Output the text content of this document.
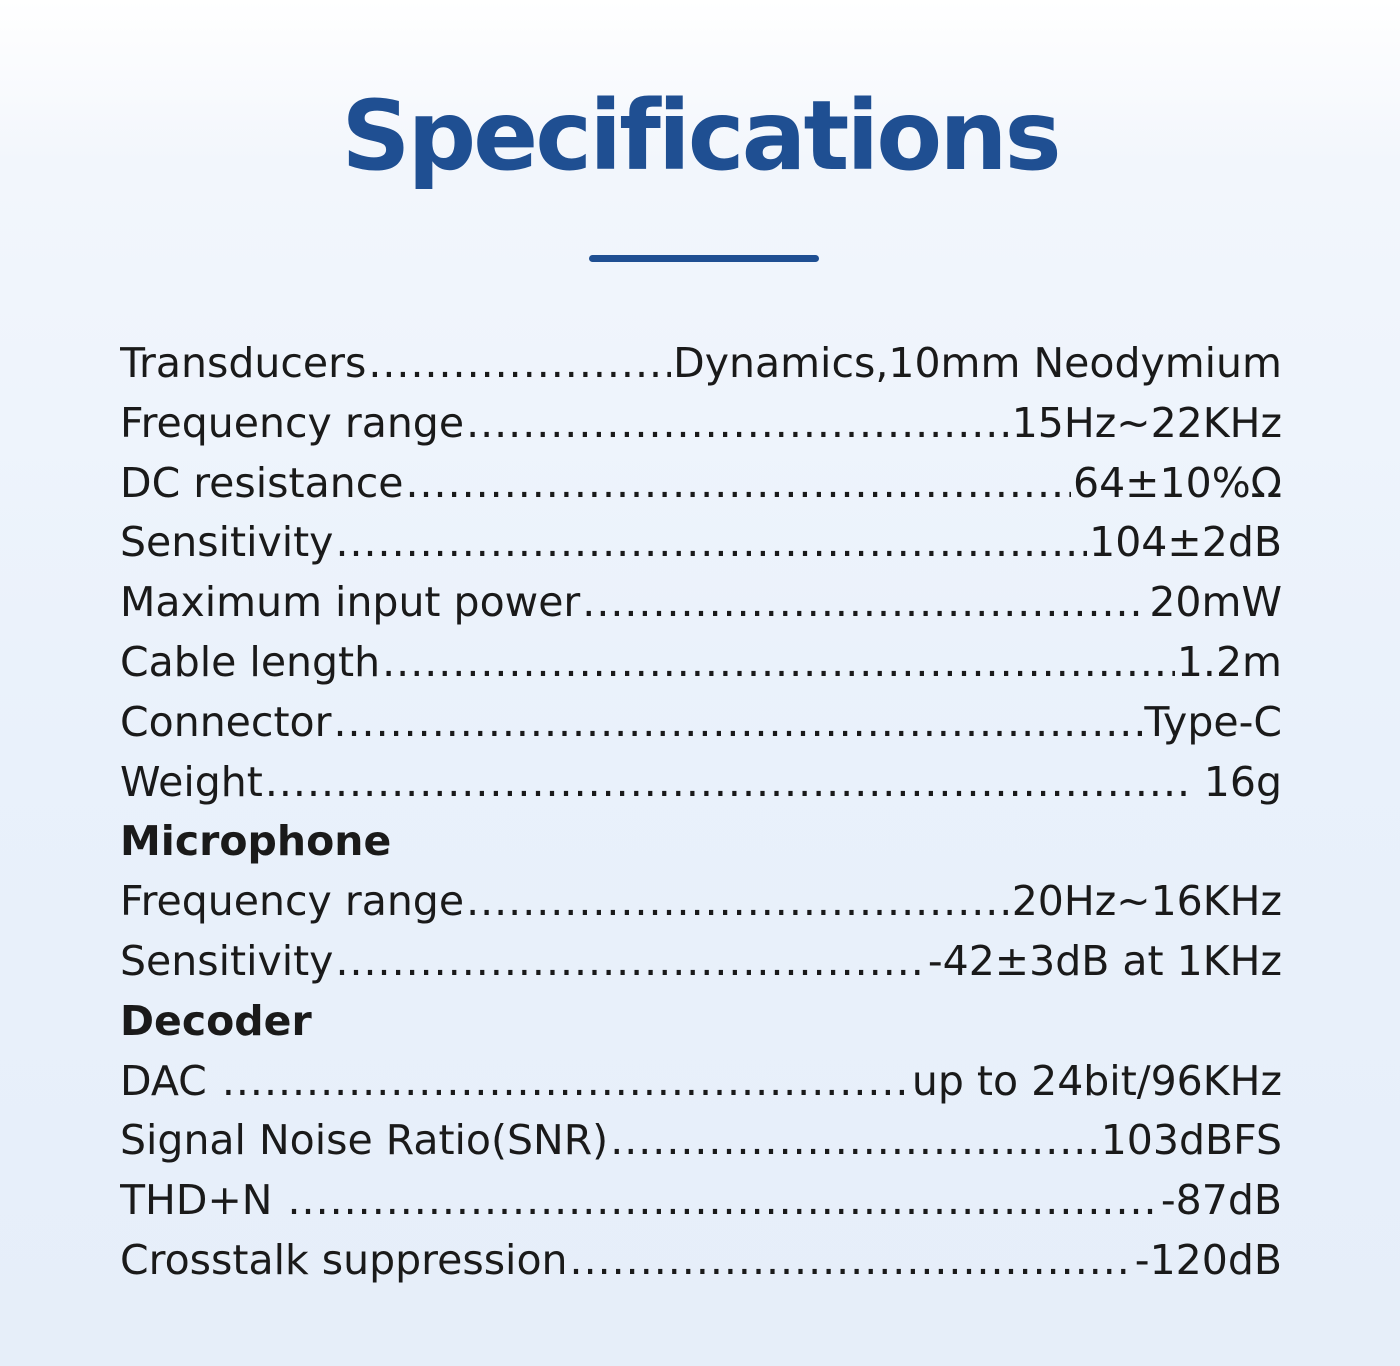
Specifications
Transducers .....	Dynamics,10mm Neodymium
Frequency range .....	15Hz~22KHz
DC resistance .....	64±10%Ω
Sensitivity .....	104±2dB
Maximum input power .....	20mW
Cable length .....	1.2m
Connector .....	Type-C
Weight .....	16g
Microphone
Frequency range .....	20Hz~16KHz
Sensitivity .....	-42±3dB at 1KHz
Decoder
DAC .....	up to 24bit/96KHz
Signal Noise Ratio(SNR) .....	103dBFS
THD+N .....	-87dB
Crosstalk suppression .....	-120dB
